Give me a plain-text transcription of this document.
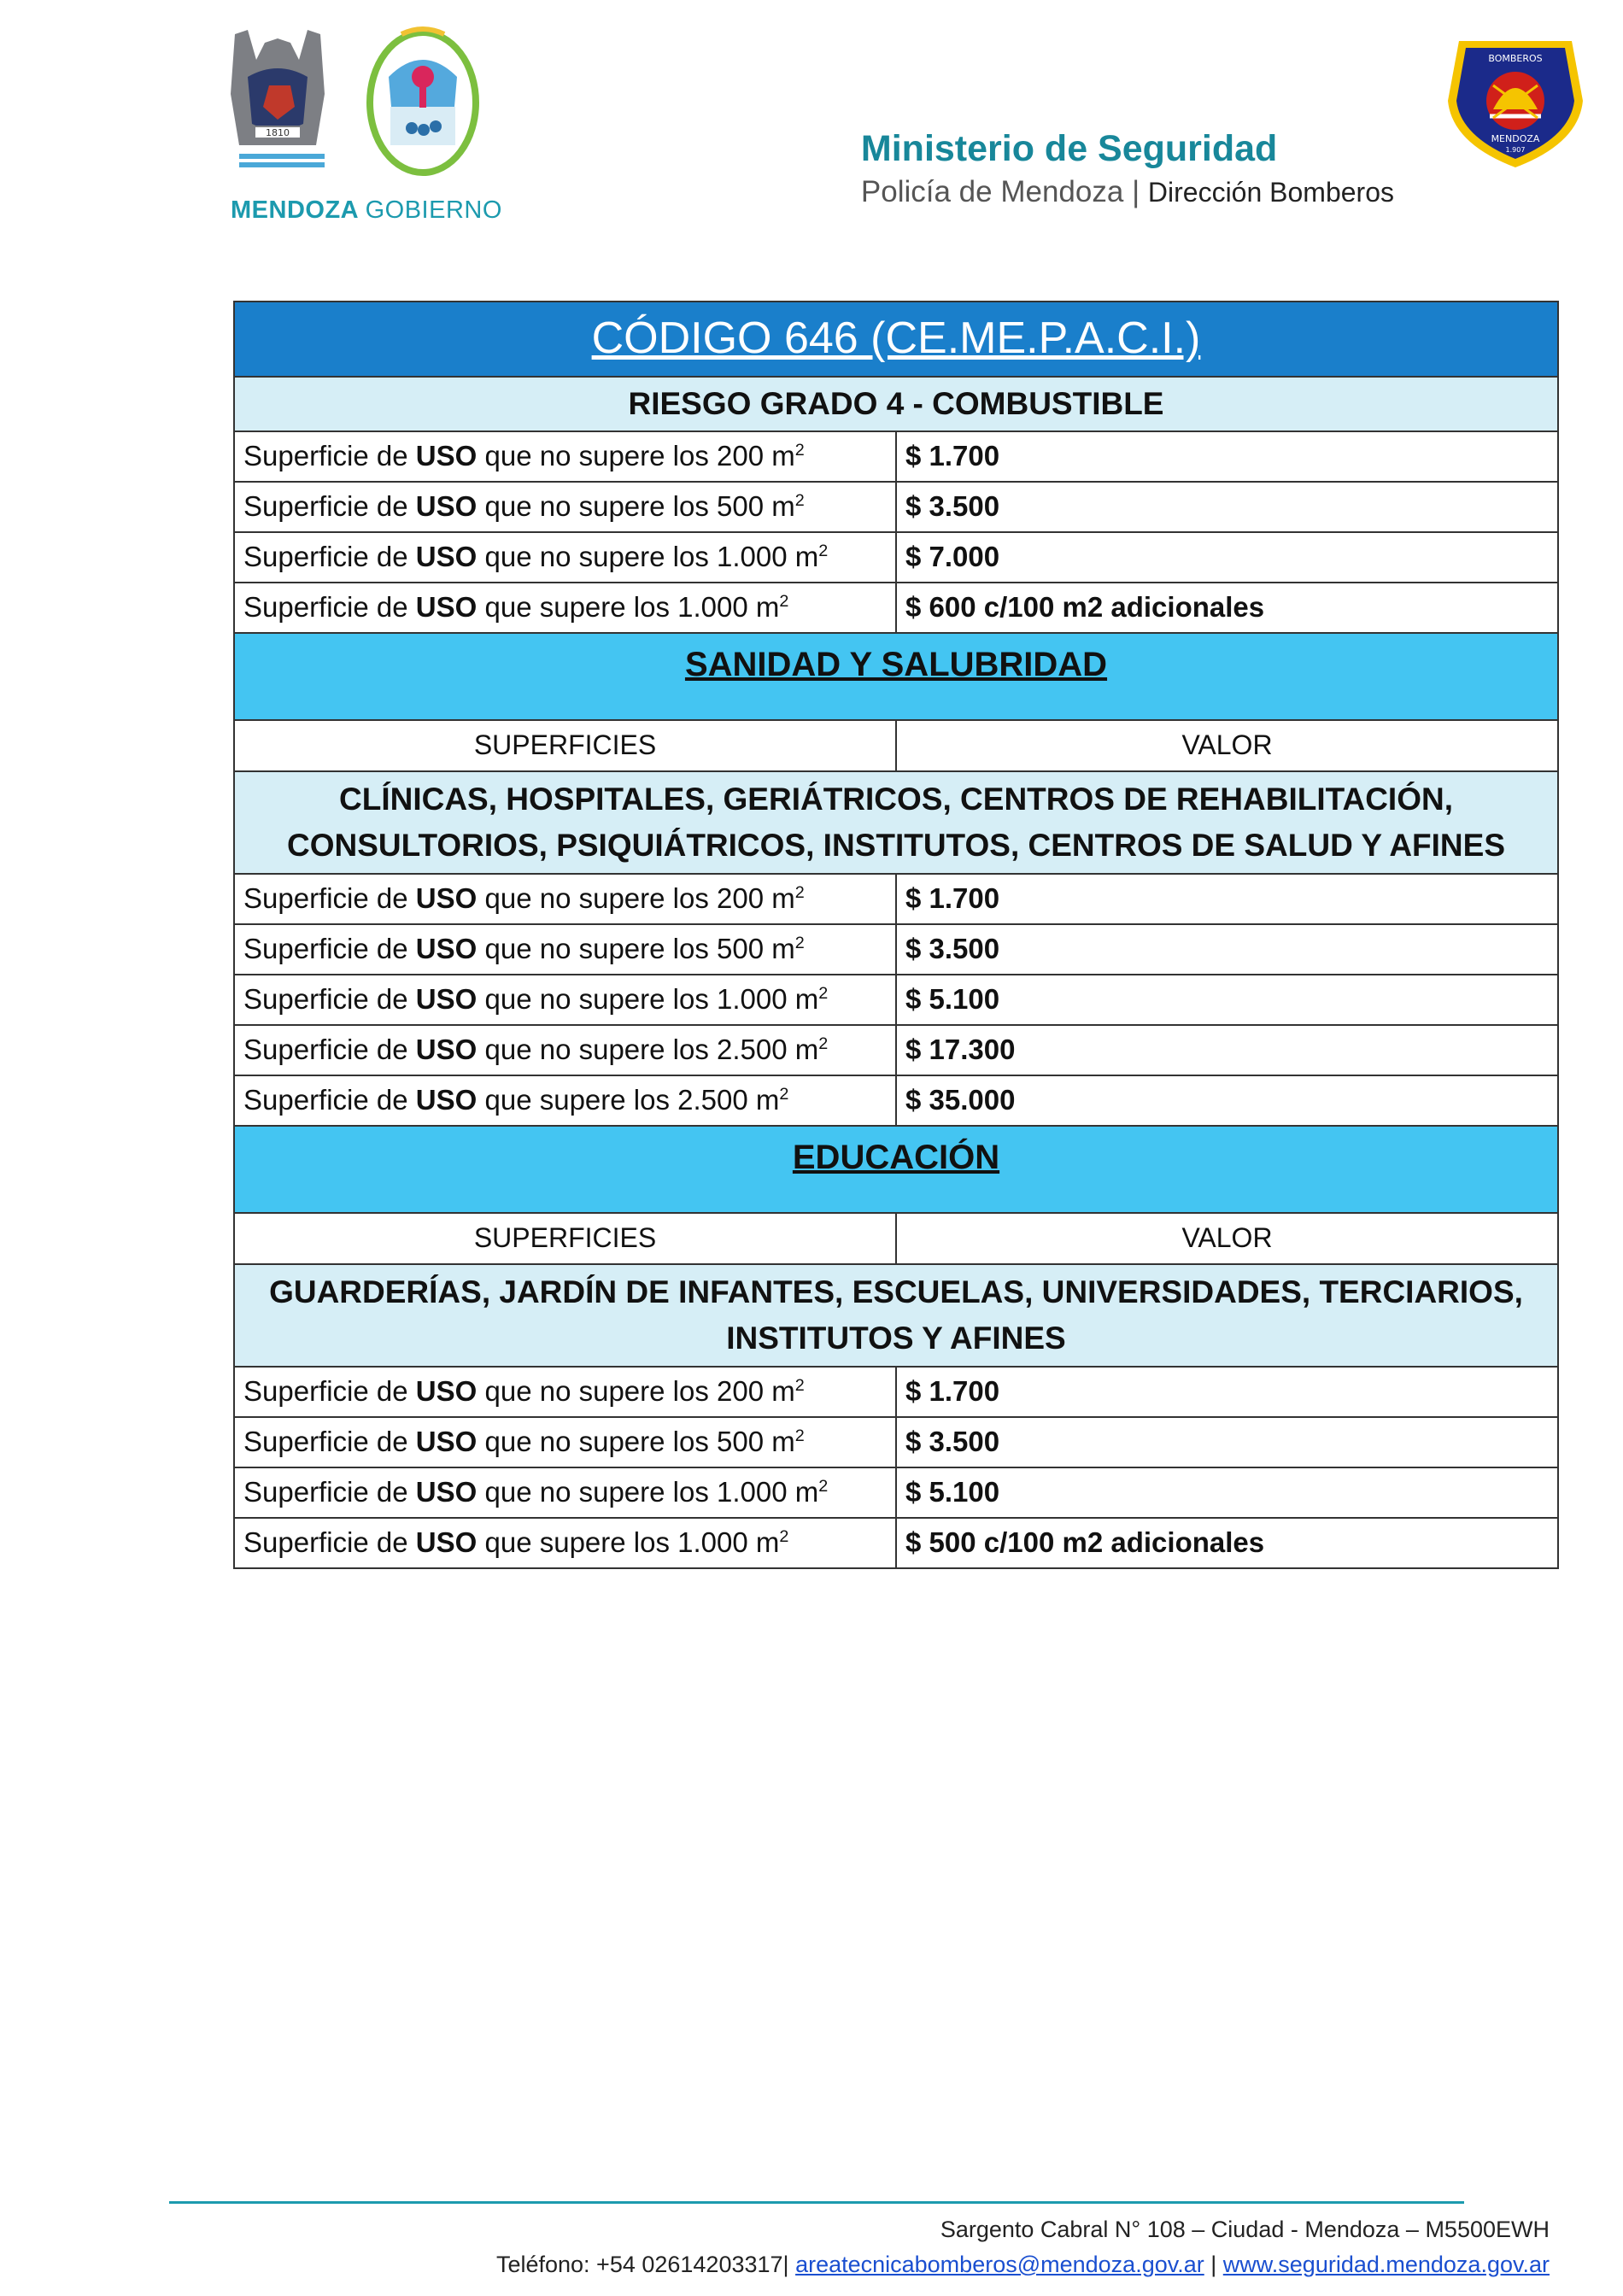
1810
MENDOZA GOBIERNO
Ministerio de Seguridad
Policía de Mendoza | Dirección Bomberos
BOMBEROS
MENDOZA
1.907
CÓDIGO 646 (CE.ME.P.A.C.I.)	
RIESGO GRADO 4 - COMBUSTIBLE	
Superficie de USO que no supere los 200 $m^2$	$ 1.700
Superficie de USO que no supere los 500 $m^2$	$ 3.500
Superficie de USO que no supere los 1.000 $m^2$	$ 7.000
Superficie de USO que supere los 1.000 $m^2$	$ 600 c/100 m2 adicionales
SANIDAD Y SALUBRIDAD	
SUPERFICIES	VALOR
CLÍNICAS, HOSPITALES, GERIÁTRICOS, CENTROS DE REHABILITACIÓN,
CONSULTORIOS, PSIQUIÁTRICOS, INSTITUTOS, CENTROS DE SALUD Y AFINES	
Superficie de USO que no supere los 200 $m^2$	$ 1.700
Superficie de USO que no supere los 500 $m^2$	$ 3.500
Superficie de USO que no supere los 1.000 $m^2$	$ 5.100
Superficie de USO que no supere los 2.500 $m^2$	$ 17.300
Superficie de USO que supere los 2.500 $m^2$	$ 35.000
EDUCACIÓN	
SUPERFICIES	VALOR
GUARDERÍAS, JARDÍN DE INFANTES, ESCUELAS, UNIVERSIDADES, TERCIARIOS,
INSTITUTOS Y AFINES	
Superficie de USO que no supere los 200 $m^2$	$ 1.700
Superficie de USO que no supere los 500 $m^2$	$ 3.500
Superficie de USO que no supere los 1.000 $m^2$	$ 5.100
Superficie de USO que supere los 1.000 $m^2$	$ 500 c/100 m2 adicionales
Sargento Cabral N° 108 – Ciudad - Mendoza – M5500EWH
Teléfono: +54 02614203317| areatecnicabomberos@mendoza.gov.ar | www.seguridad.mendoza.gov.ar
